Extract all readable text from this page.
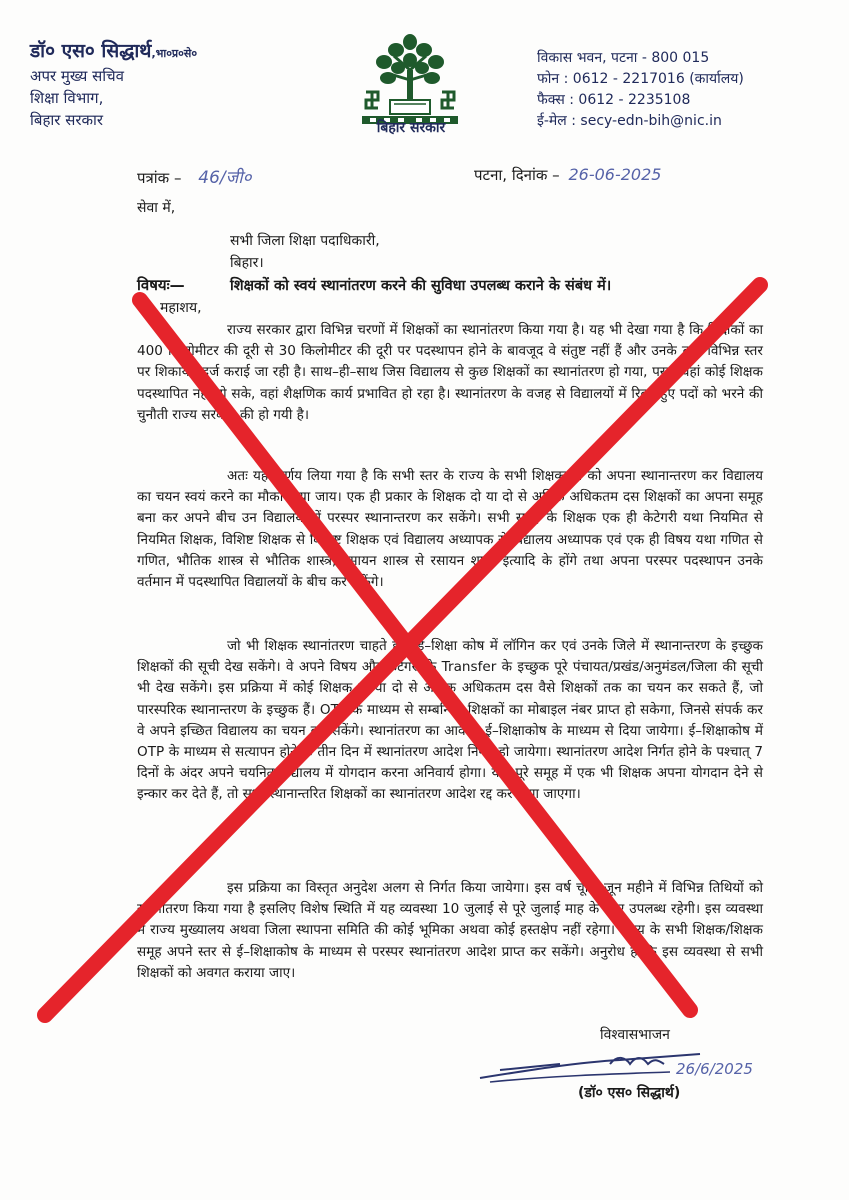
डॉ० एस० सिद्धार्थ,भा०प्र०से०
अपर मुख्य सचिव
शिक्षा विभाग,
बिहार सरकार	बिहार सरकार
विकास भवन, पटना - 800 015
फोन : 0612 - 2217016 (कार्यालय)
फैक्स : 0612 - 2235108
ई-मेल : secy-edn-bih@nic.in
पत्रांक – 46/जी०	पटना, दिनांक – 26-06-2025
सेवा में,
सभी जिला शिक्षा पदाधिकारी,
बिहार।
विषयः—	शिक्षकों को स्वयं स्थानांतरण करने की सुविधा उपलब्ध कराने के संबंध में।
महाशय,
राज्य सरकार द्वारा विभिन्न चरणों में शिक्षकों का स्थानांतरण किया गया है। यह भी देखा गया है कि शिक्षकों का 400 किलोमीटर की दूरी से 30 किलोमीटर की दूरी पर पदस्थापन होने के बावजूद वे संतुष्ट नहीं हैं और उनके द्वारा विभिन्न स्तर पर शिकायत दर्ज कराई जा रही है। साथ–ही–साथ जिस विद्यालय से कुछ शिक्षकों का स्थानांतरण हो गया, परन्तु वहां कोई शिक्षक पदस्थापित नहीं हो सके, वहां शैक्षणिक कार्य प्रभावित हो रहा है। स्थानांतरण के वजह से विद्यालयों में रिक्त हुए पदों को भरने की चुनौती राज्य सरकार की हो गयी है।
अतः यह निर्णय लिया गया है कि सभी स्तर के राज्य के सभी शिक्षकगण को अपना स्थानान्तरण कर विद्यालय का चयन स्वयं करने का मौका दिया जाय। एक ही प्रकार के शिक्षक दो या दो से अधिक अधिकतम दस शिक्षकों का अपना समूह बना कर अपने बीच उन विद्यालयों में परस्पर स्थानान्तरण कर सकेंगे। सभी समूह के शिक्षक एक ही केटेगरी यथा नियमित से नियमित शिक्षक, विशिष्ट शिक्षक से विशिष्ट शिक्षक एवं विद्यालय अध्यापक से विद्यालय अध्यापक एवं एक ही विषय यथा गणित से गणित, भौतिक शास्त्र से भौतिक शास्त्र, रसायन शास्त्र से रसायन शास्त्र इत्यादि के होंगे तथा अपना परस्पर पदस्थापन उनके वर्तमान में पदस्थापित विद्यालयों के बीच कर सकेंगे।
जो भी शिक्षक स्थानांतरण चाहते हैं वे ई–शिक्षा कोष में लॉगिन कर एवं उनके जिले में स्थानान्तरण के इच्छुक शिक्षकों की सूची देख सकेंगे। वे अपने विषय और केटेगरी के Transfer के इच्छुक पूरे पंचायत/प्रखंड/अनुमंडल/जिला की सूची भी देख सकेंगे। इस प्रक्रिया में कोई शिक्षक दो या दो से अधिक अधिकतम दस वैसे शिक्षकों तक का चयन कर सकते हैं, जो पारस्परिक स्थानान्तरण के इच्छुक हैं। OTP के माध्यम से सम्बन्धित शिक्षकों का मोबाइल नंबर प्राप्त हो सकेगा, जिनसे संपर्क कर वे अपने इच्छित विद्यालय का चयन कर सकेंगे। स्थानांतरण का आवेदन ई–शिक्षाकोष के माध्यम से दिया जायेगा। ई–शिक्षाकोष में OTP के माध्यम से सत्यापन होने के तीन दिन में स्थानांतरण आदेश निर्गत हो जायेगा। स्थानांतरण आदेश निर्गत होने के पश्चात् 7 दिनों के अंदर अपने चयनित विद्यालय में योगदान करना अनिवार्य होगा। यदि पूरे समूह में एक भी शिक्षक अपना योगदान देने से इन्कार कर देते हैं, तो सभी स्थानान्तरित शिक्षकों का स्थानांतरण आदेश रद्द कर दिया जाएगा।
इस प्रक्रिया का विस्तृत अनुदेश अलग से निर्गत किया जायेगा। इस वर्ष चूंकि जून महीने में विभिन्न तिथियों को स्थानांतरण किया गया है इसलिए विशेष स्थिति में यह व्यवस्था 10 जुलाई से पूरे जुलाई माह के लिए उपलब्ध रहेगी। इस व्यवस्था में राज्य मुख्यालय अथवा जिला स्थापना समिति की कोई भूमिका अथवा कोई हस्तक्षेप नहीं रहेगा। राज्य के सभी शिक्षक/शिक्षक समूह अपने स्तर से ई–शिक्षाकोष के माध्यम से परस्पर स्थानांतरण आदेश प्राप्त कर सकेंगे। अनुरोध है कि इस व्यवस्था से सभी शिक्षकों को अवगत कराया जाए।
विश्वासभाजन
26/6/2025
(डॉ० एस० सिद्धार्थ)
